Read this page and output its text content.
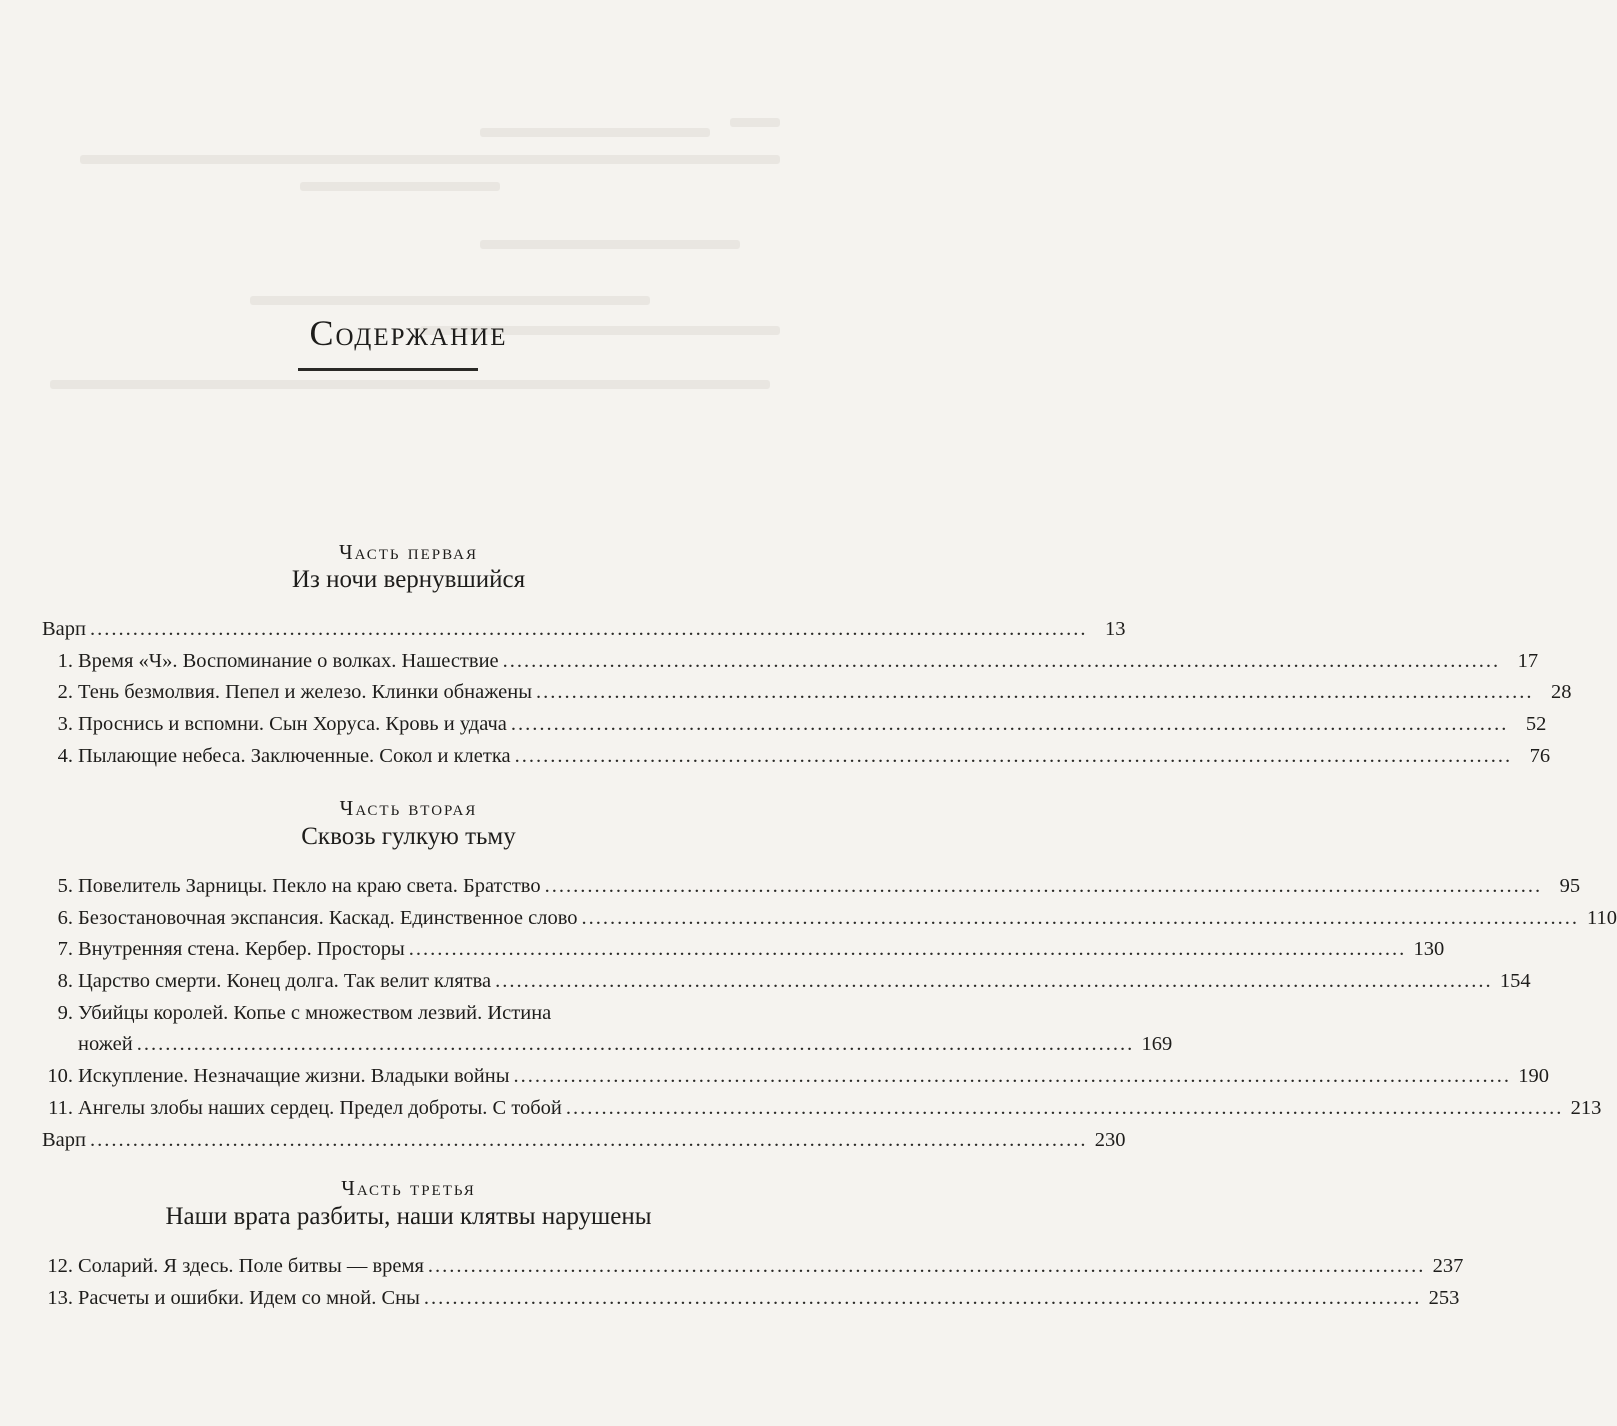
Содержание
Часть первая
Из ночи вернувшийся
Варп ............................................................................................................................................ 13
1. Время «Ч». Воспоминание о волках. Нашествие ............................................................................................................................................ 17
2. Тень безмолвия. Пепел и железо. Клинки обнажены ............................................................................................................................................ 28
3. Проснись и вспомни. Сын Хоруса. Кровь и удача ............................................................................................................................................ 52
4. Пылающие небеса. Заключенные. Сокол и клетка ............................................................................................................................................ 76
Часть вторая
Сквозь гулкую тьму
5. Повелитель Зарницы. Пекло на краю света. Братство ............................................................................................................................................ 95
6. Безостановочная экспансия. Каскад. Единственное слово ............................................................................................................................................ 110
7. Внутренняя стена. Кербер. Просторы ............................................................................................................................................ 130
8. Царство смерти. Конец долга. Так велит клятва ............................................................................................................................................ 154
9. Убийцы королей. Копье с множеством лезвий. Истина
ножей ............................................................................................................................................ 169
10. Искупление. Незначащие жизни. Владыки войны ............................................................................................................................................ 190
11. Ангелы злобы наших сердец. Предел доброты. С тобой ............................................................................................................................................ 213
Варп ............................................................................................................................................ 230
Часть третья
Наши врата разбиты, наши клятвы нарушены
12. Соларий. Я здесь. Поле битвы — время ............................................................................................................................................ 237
13. Расчеты и ошибки. Идем со мной. Сны ............................................................................................................................................ 253
